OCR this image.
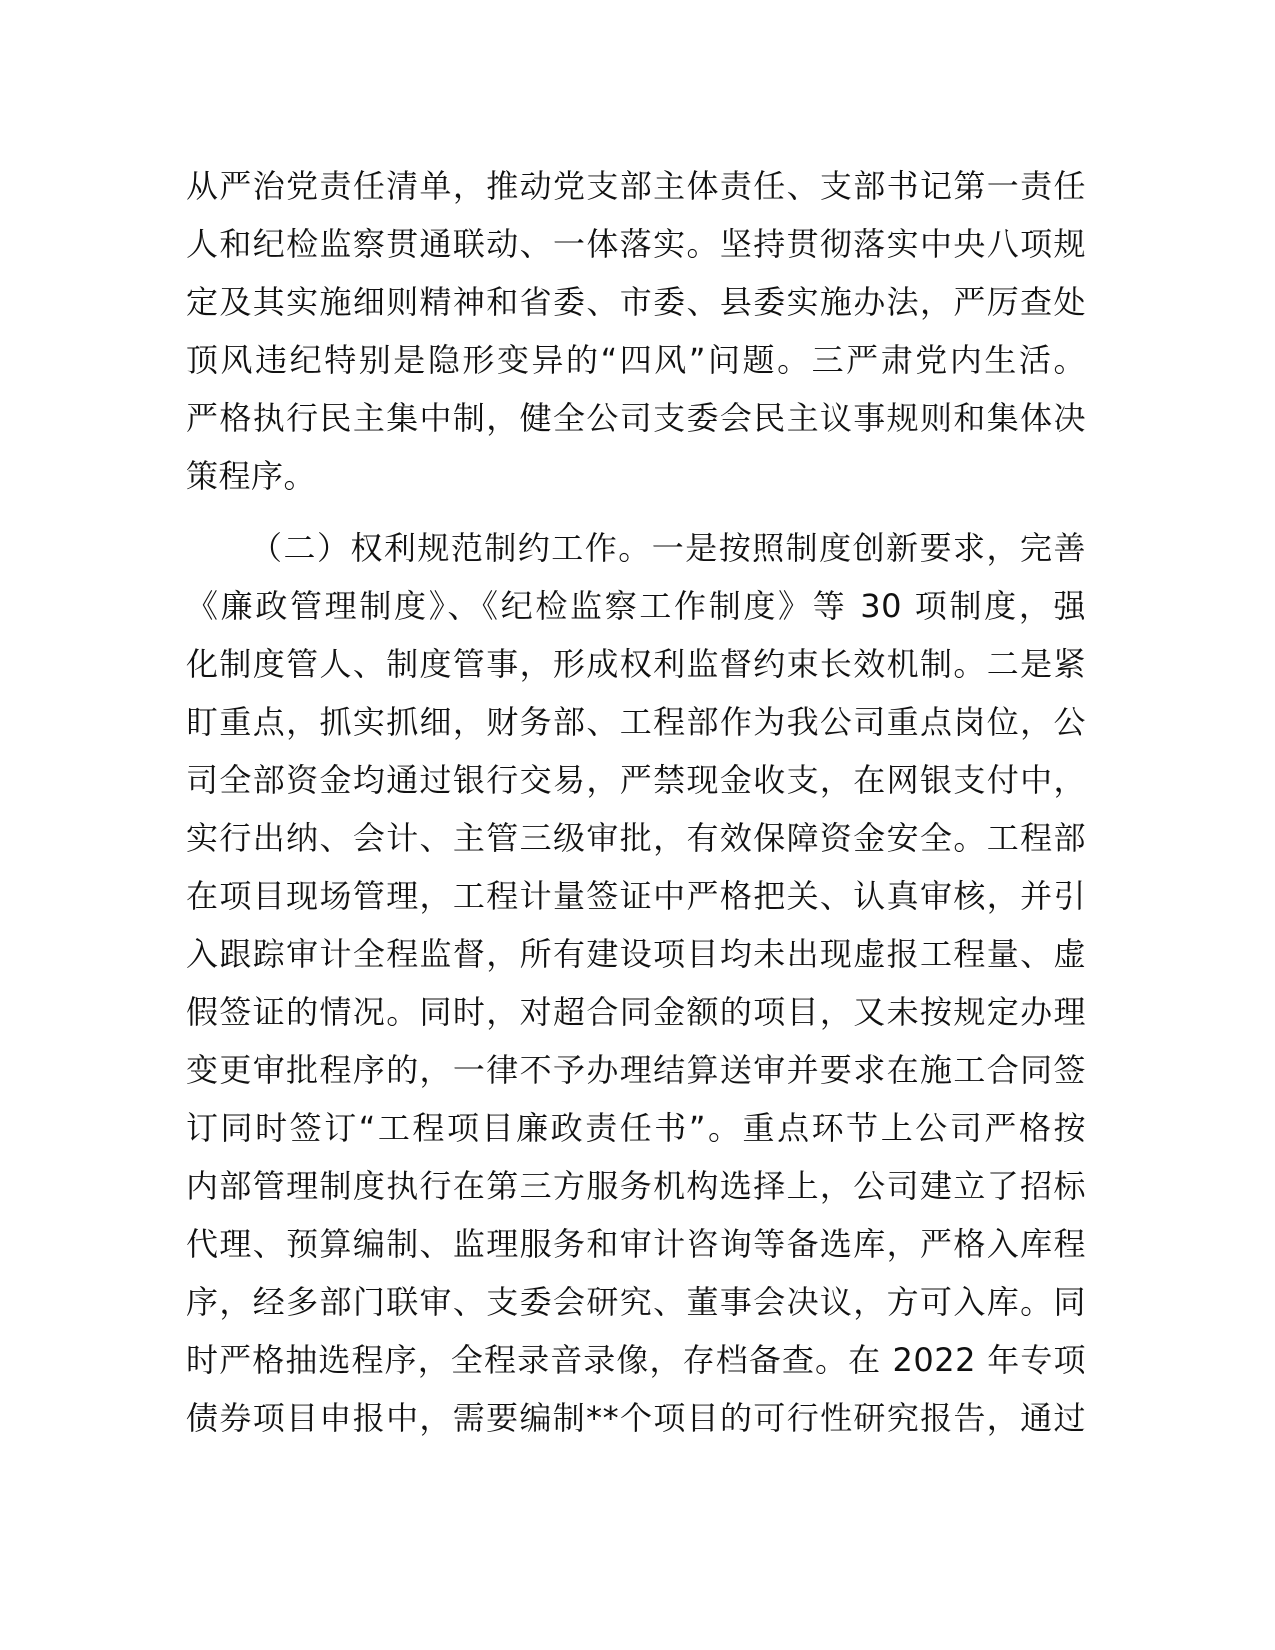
从严治党责任清单，推动党支部主体责任、支部书记第一责任
人和纪检监察贯通联动、一体落实。坚持贯彻落实中央八项规
定及其实施细则精神和省委、市委、县委实施办法，严厉查处
顶风违纪特别是隐形变异的“四风”问题。三严肃党内生活。
严格执行民主集中制，健全公司支委会民主议事规则和集体决
策程序。
（二）权利规范制约工作。一是按照制度创新要求，完善
《廉政管理制度》、《纪检监察工作制度》等 30 项制度，强
化制度管人、制度管事，形成权利监督约束长效机制。二是紧
盯重点，抓实抓细，财务部、工程部作为我公司重点岗位，公
司全部资金均通过银行交易，严禁现金收支，在网银支付中，
实行出纳、会计、主管三级审批，有效保障资金安全。工程部
在项目现场管理，工程计量签证中严格把关、认真审核，并引
入跟踪审计全程监督，所有建设项目均未出现虚报工程量、虚
假签证的情况。同时，对超合同金额的项目，又未按规定办理
变更审批程序的，一律不予办理结算送审并要求在施工合同签
订同时签订“工程项目廉政责任书”。重点环节上公司严格按
内部管理制度执行在第三方服务机构选择上，公司建立了招标
代理、预算编制、监理服务和审计咨询等备选库，严格入库程
序，经多部门联审、支委会研究、董事会决议，方可入库。同
时严格抽选程序，全程录音录像，存档备查。在 2022 年专项
债券项目申报中，需要编制**个项目的可行性研究报告，通过
